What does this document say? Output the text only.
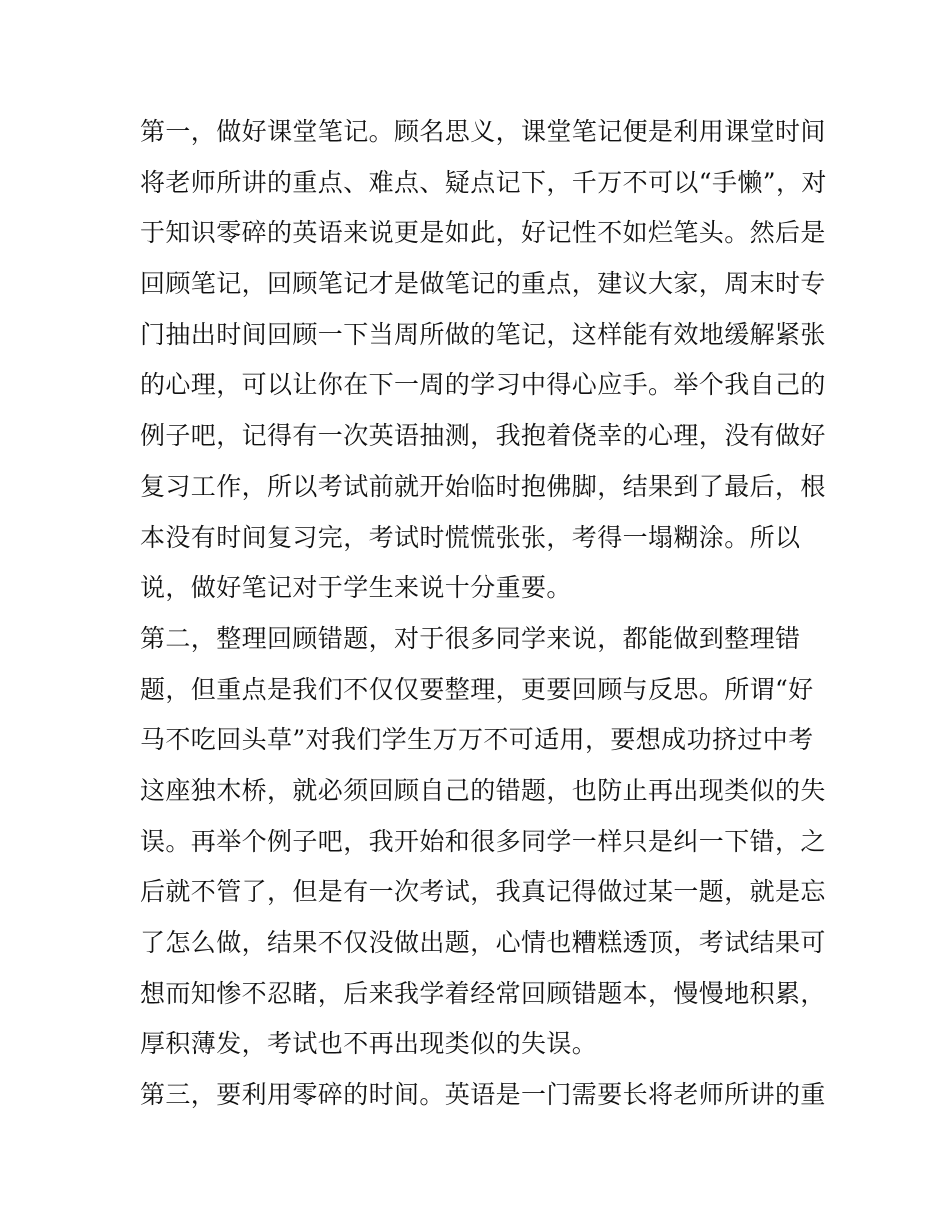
第一，做好课堂笔记。顾名思义，课堂笔记便是利用课堂时间
将老师所讲的重点、难点、疑点记下，千万不可以“手懒”，对
于知识零碎的英语来说更是如此，好记性不如烂笔头。然后是
回顾笔记，回顾笔记才是做笔记的重点，建议大家，周末时专
门抽出时间回顾一下当周所做的笔记，这样能有效地缓解紧张
的心理，可以让你在下一周的学习中得心应手。举个我自己的
例子吧，记得有一次英语抽测，我抱着侥幸的心理，没有做好
复习工作，所以考试前就开始临时抱佛脚，结果到了最后，根
本没有时间复习完，考试时慌慌张张，考得一塌糊涂。所以
说，做好笔记对于学生来说十分重要。
第二，整理回顾错题，对于很多同学来说，都能做到整理错
题，但重点是我们不仅仅要整理，更要回顾与反思。所谓“好
马不吃回头草”对我们学生万万不可适用，要想成功挤过中考
这座独木桥，就必须回顾自己的错题，也防止再出现类似的失
误。再举个例子吧，我开始和很多同学一样只是纠一下错，之
后就不管了，但是有一次考试，我真记得做过某一题，就是忘
了怎么做，结果不仅没做出题，心情也糟糕透顶，考试结果可
想而知惨不忍睹，后来我学着经常回顾错题本，慢慢地积累，
厚积薄发，考试也不再出现类似的失误。
第三，要利用零碎的时间。英语是一门需要长将老师所讲的重
